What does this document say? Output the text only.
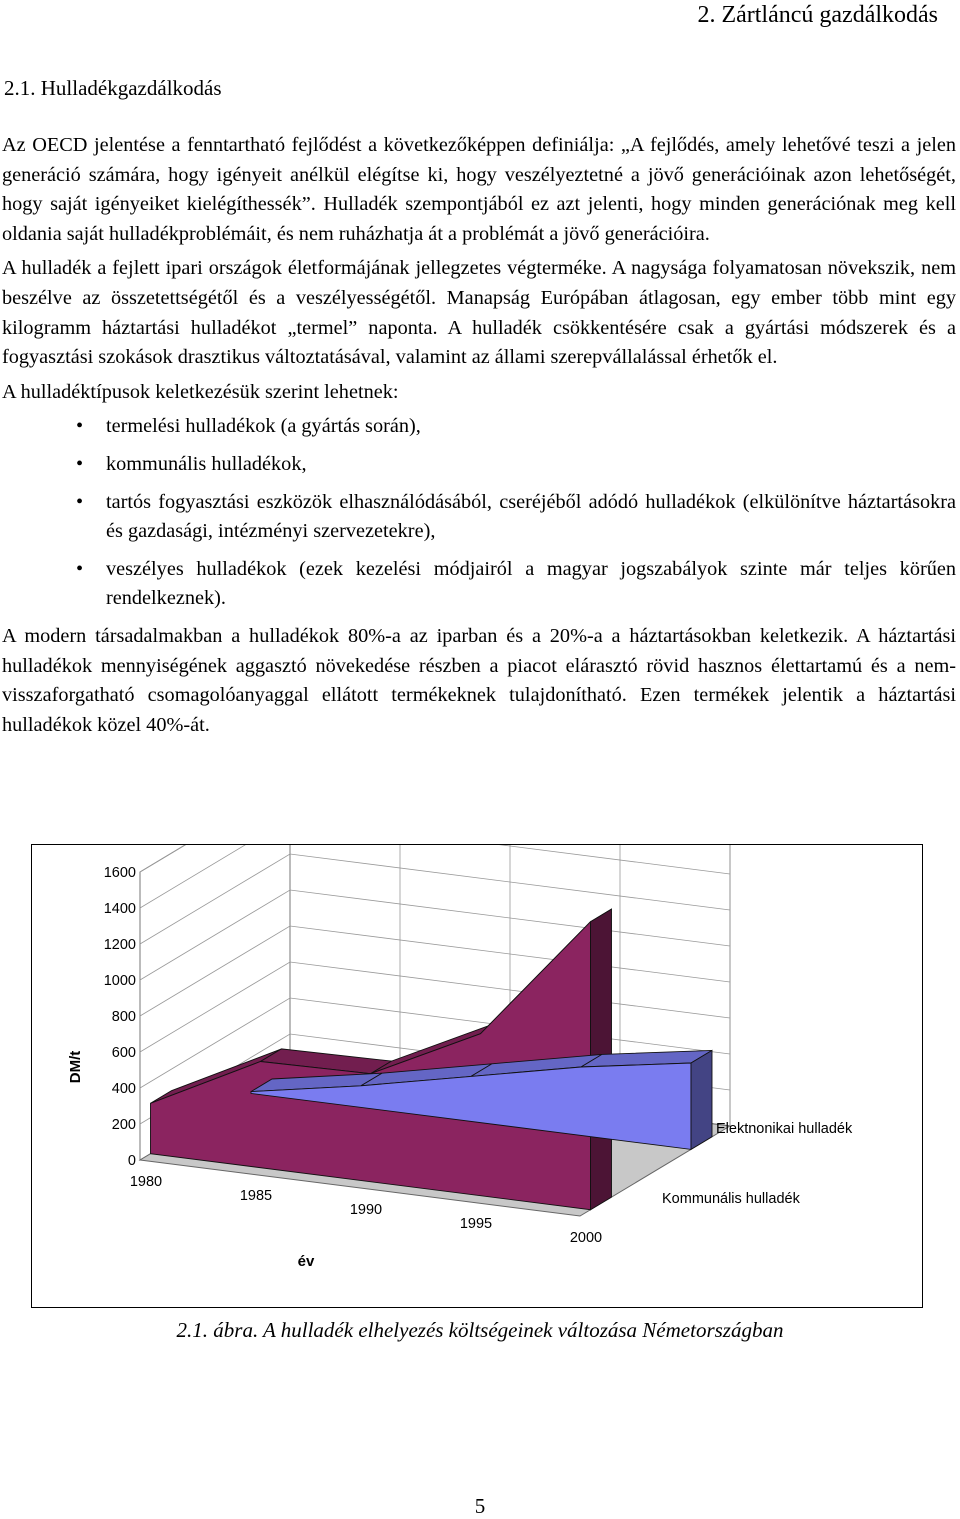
2. Zártláncú gazdálkodás
2.1. Hulladékgazdálkodás

Az OECD jelentése a fenntartható fejlődést a következőképpen definiálja: „A fejlődés, amely lehetővé teszi a jelen generáció számára, hogy igényeit anélkül elégítse ki, hogy veszélyeztetné a jövő generációinak azon lehetőségét, hogy saját igényeiket kielégíthessék”. Hulladék szempontjából ez azt jelenti, hogy minden generációnak meg kell oldania saját hulladékproblémáit, és nem ruházhatja át a problémát a jövő generációira.

A hulladék a fejlett ipari országok életformájának jellegzetes végterméke. A nagysága folyamatosan növekszik, nem beszélve az összetettségétől és a veszélyességétől. Manapság Európában átlagosan, egy ember több mint egy kilogramm háztartási hulladékot „termel” naponta. A hulladék csökkentésére csak a gyártási módszerek és a fogyasztási szokások drasztikus változtatásával, valamint az állami szerepvállalással érhetők el.

A hulladéktípusok keletkezésük szerint lehetnek:

• termelési hulladékok (a gyártás során),
• kommunális hulladékok,
• tartós fogyasztási eszközök elhasználódásából, cseréjéből adódó hulladékok (elkülönítve háztartásokra és gazdasági, intézményi szervezetekre),
• veszélyes hulladékok (ezek kezelési módjairól a magyar jogszabályok szinte már teljes körűen rendelkeznek).

A modern társadalmakban a hulladékok 80%-a az iparban és a 20%-a a háztartásokban keletkezik. A háztartási hulladékok mennyiségének aggasztó növekedése részben a piacot elárasztó rövid hasznos élettartamú és a nem-visszaforgatható csomagolóanyaggal ellátott termékeknek tulajdonítható. Ezen termékek jelentik a háztartási hulladékok közel 40%-át.

0
200
400
600
800
1000
1200
1400
1600
1980
1985
1990
1995
2000
DM/t
év
Elektnonikai hulladék
Kommunális hulladék
2.1. ábra. A hulladék elhelyezés költségeinek változása Németországban
5
